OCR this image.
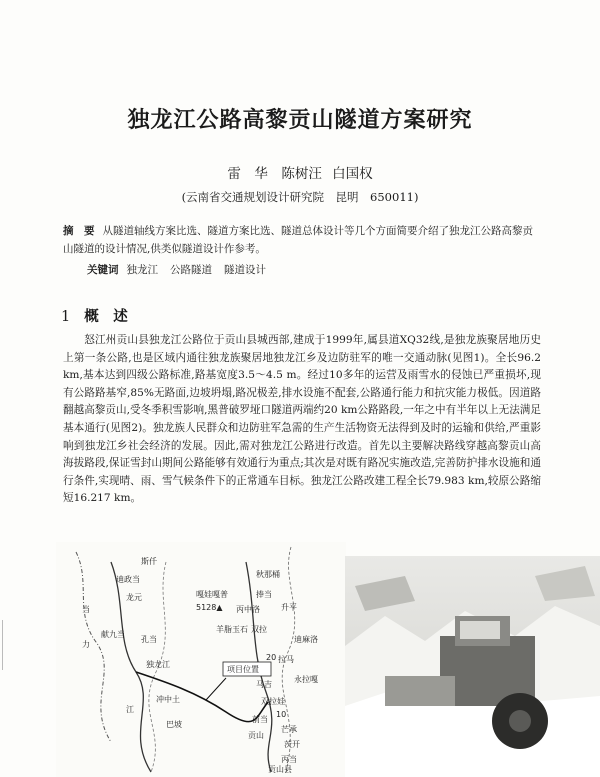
独龙江公路高黎贡山隧道方案研究
雷　华　陈树汪 白国权
(云南省交通规划设计研究院　昆明　650011)
摘　要 从隧道轴线方案比选、隧道方案比选、隧道总体设计等几个方面简要介绍了独龙江公路高黎贡山隧道的设计情况,供类似隧道设计作参考。
关键词 独龙江 公路隧道 隧道设计
1 概　述
怒江州贡山县独龙江公路位于贡山县城西部,建成于1999年,属县道XQ32线,是独龙族聚居地历史上第一条公路,也是区域内通往独龙族聚居地独龙江乡及边防驻军的唯一交通动脉(见图1)。全长96.2 km,基本达到四级公路标准,路基宽度3.5～4.5 m。经过10多年的运营及雨雪水的侵蚀已严重损坏,现有公路路基窄,85%无路面,边坡坍塌,路况极差,排水设施不配套,公路通行能力和抗灾能力极低。因道路翻越高黎贡山,受冬季积雪影响,黑普破罗垭口隧道两端约20 km公路路段,一年之中有半年以上无法满足基本通行(见图2)。独龙族人民群众和边防驻军急需的生产生活物资无法得到及时的运输和供给,严重影响到独龙江乡社会经济的发展。因此,需对独龙江公路进行改造。首先以主要解决路线穿越高黎贡山高海拔路段,保证雪封山期间公路能够有效通行为重点;其次是对既有路况实施改造,完善防护排水设施和通行条件,实现晴、雨、雪气候条件下的正常通车目标。独龙江公路改建工程全长79.983 km,较原公路缩短16.217 km。
项目位置
斯仟
迪政当
龙元	嘎娃嘎普
5128▲
秋那桶
丙中洛
捧当
献九当
独龙江
孔当
羊脂玉石 双拉
迪麻洛
升平
拉马
永拉嘎
马吉
双拉娃
10
前当
贡山
芒承
茨开
丙当
冲中土
巴坡
当
力
江
20
贡山县
